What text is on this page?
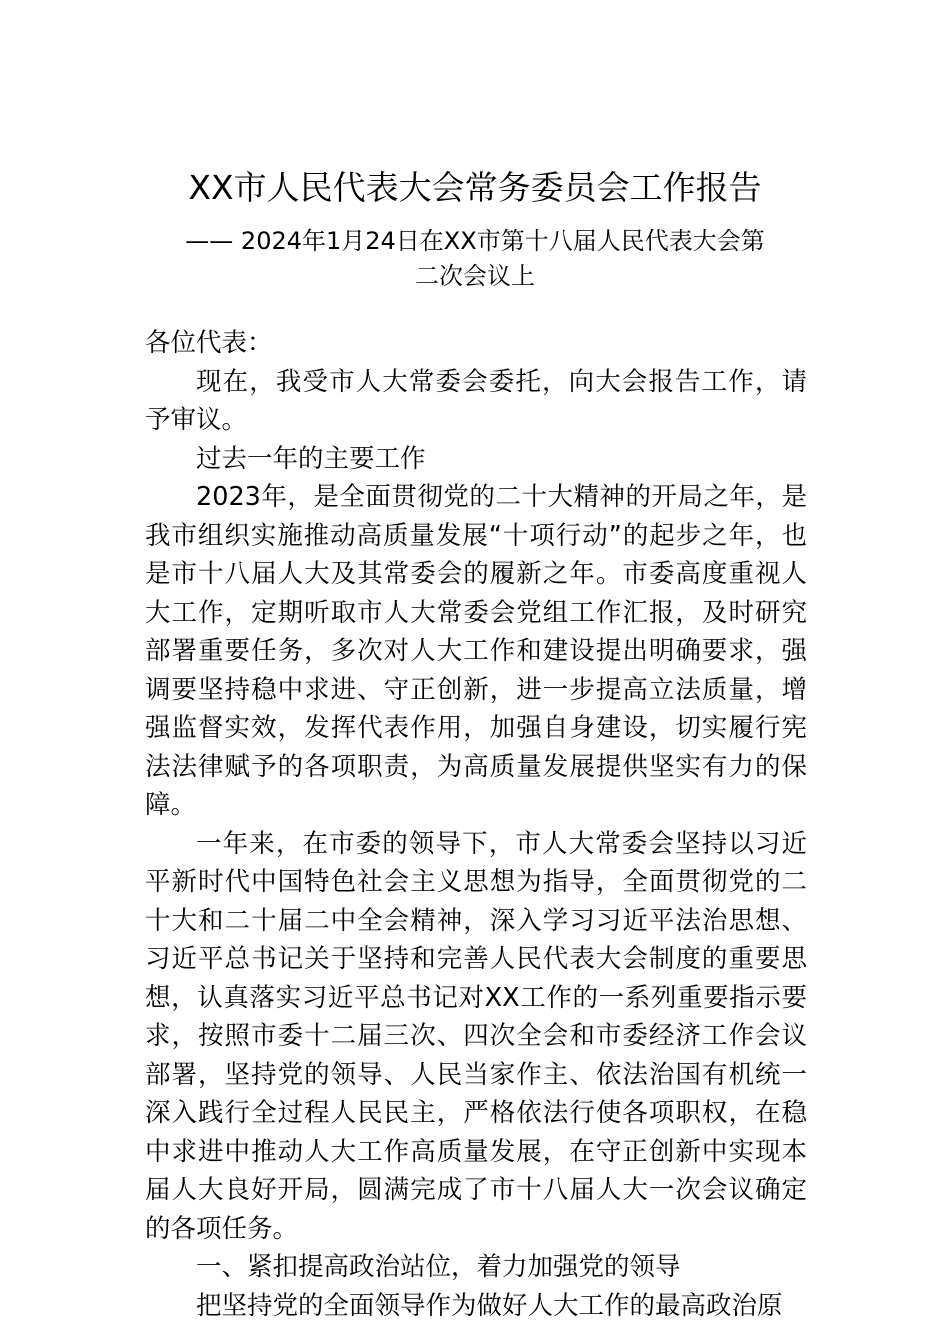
XX市人民代表大会常务委员会工作报告
—— 2024年1月24日在XX市第十八届人民代表大会第
二次会议上

各位代表：

现在，我受市人大常委会委托，向大会报告工作，请予审议。

过去一年的主要工作

2023年，是全面贯彻党的二十大精神的开局之年，是我市组织实施推动高质量发展“十项行动”的起步之年，也是市十八届人大及其常委会的履新之年。市委高度重视人大工作，定期听取市人大常委会党组工作汇报，及时研究部署重要任务，多次对人大工作和建设提出明确要求，强调要坚持稳中求进、守正创新，进一步提高立法质量，增强监督实效，发挥代表作用，加强自身建设，切实履行宪法法律赋予的各项职责，为高质量发展提供坚实有力的保障。

一年来，在市委的领导下，市人大常委会坚持以习近平新时代中国特色社会主义思想为指导，全面贯彻党的二十大和二十届二中全会精神，深入学习习近平法治思想、习近平总书记关于坚持和完善人民代表大会制度的重要思想，认真落实习近平总书记对XX工作的一系列重要指示要求，按照市委十二届三次、四次全会和市委经济工作会议部署，坚持党的领导、人民当家作主、依法治国有机统一深入践行全过程人民民主，严格依法行使各项职权，在稳中求进中推动人大工作高质量发展，在守正创新中实现本届人大良好开局，圆满完成了市十八届人大一次会议确定的各项任务。

一、紧扣提高政治站位，着力加强党的领导

把坚持党的全面领导作为做好人大工作的最高政治原
